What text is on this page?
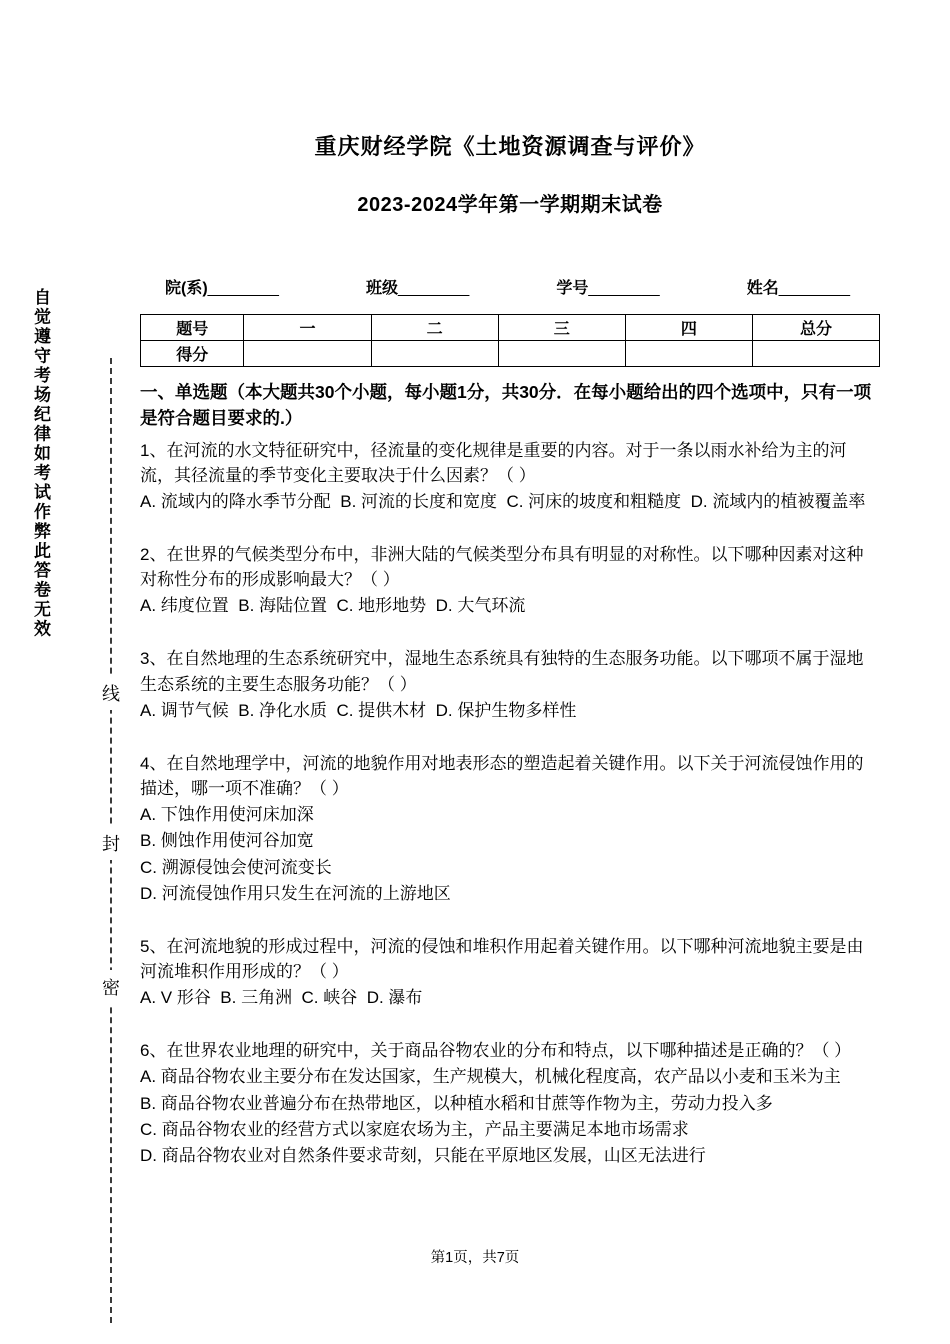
自觉遵守考场纪律如考试作弊此答卷无效
线
封
密
重庆财经学院《土地资源调查与评价》
2023-2024学年第一学期期末试卷
院(系)________	班级________	学号________	姓名________
题号	一	二	三	四	总分
得分					

一、单选题（本大题共30个小题，每小题1分，共30分．在每小题给出的四个选项中，只有一项是符合题目要求的.）

1、在河流的水文特征研究中，径流量的变化规律是重要的内容。对于一条以雨水补给为主的河流，其径流量的季节变化主要取决于什么因素？（ ）

A. 流域内的降水季节分配  B. 河流的长度和宽度  C. 河床的坡度和粗糙度  D. 流域内的植被覆盖率

2、在世界的气候类型分布中，非洲大陆的气候类型分布具有明显的对称性。以下哪种因素对这种对称性分布的形成影响最大？（ ）

A. 纬度位置  B. 海陆位置  C. 地形地势  D. 大气环流

3、在自然地理的生态系统研究中，湿地生态系统具有独特的生态服务功能。以下哪项不属于湿地生态系统的主要生态服务功能？（ ）

A. 调节气候  B. 净化水质  C. 提供木材  D. 保护生物多样性

4、在自然地理学中，河流的地貌作用对地表形态的塑造起着关键作用。以下关于河流侵蚀作用的描述，哪一项不准确？（ ）

A. 下蚀作用使河床加深

B. 侧蚀作用使河谷加宽

C. 溯源侵蚀会使河流变长

D. 河流侵蚀作用只发生在河流的上游地区

5、在河流地貌的形成过程中，河流的侵蚀和堆积作用起着关键作用。以下哪种河流地貌主要是由河流堆积作用形成的？（ ）

A. V 形谷  B. 三角洲  C. 峡谷  D. 瀑布

6、在世界农业地理的研究中，关于商品谷物农业的分布和特点，以下哪种描述是正确的？（ ）

A. 商品谷物农业主要分布在发达国家，生产规模大，机械化程度高，农产品以小麦和玉米为主

B. 商品谷物农业普遍分布在热带地区，以种植水稻和甘蔗等作物为主，劳动力投入多

C. 商品谷物农业的经营方式以家庭农场为主，产品主要满足本地市场需求

D. 商品谷物农业对自然条件要求苛刻，只能在平原地区发展，山区无法进行

第1页，共7页
